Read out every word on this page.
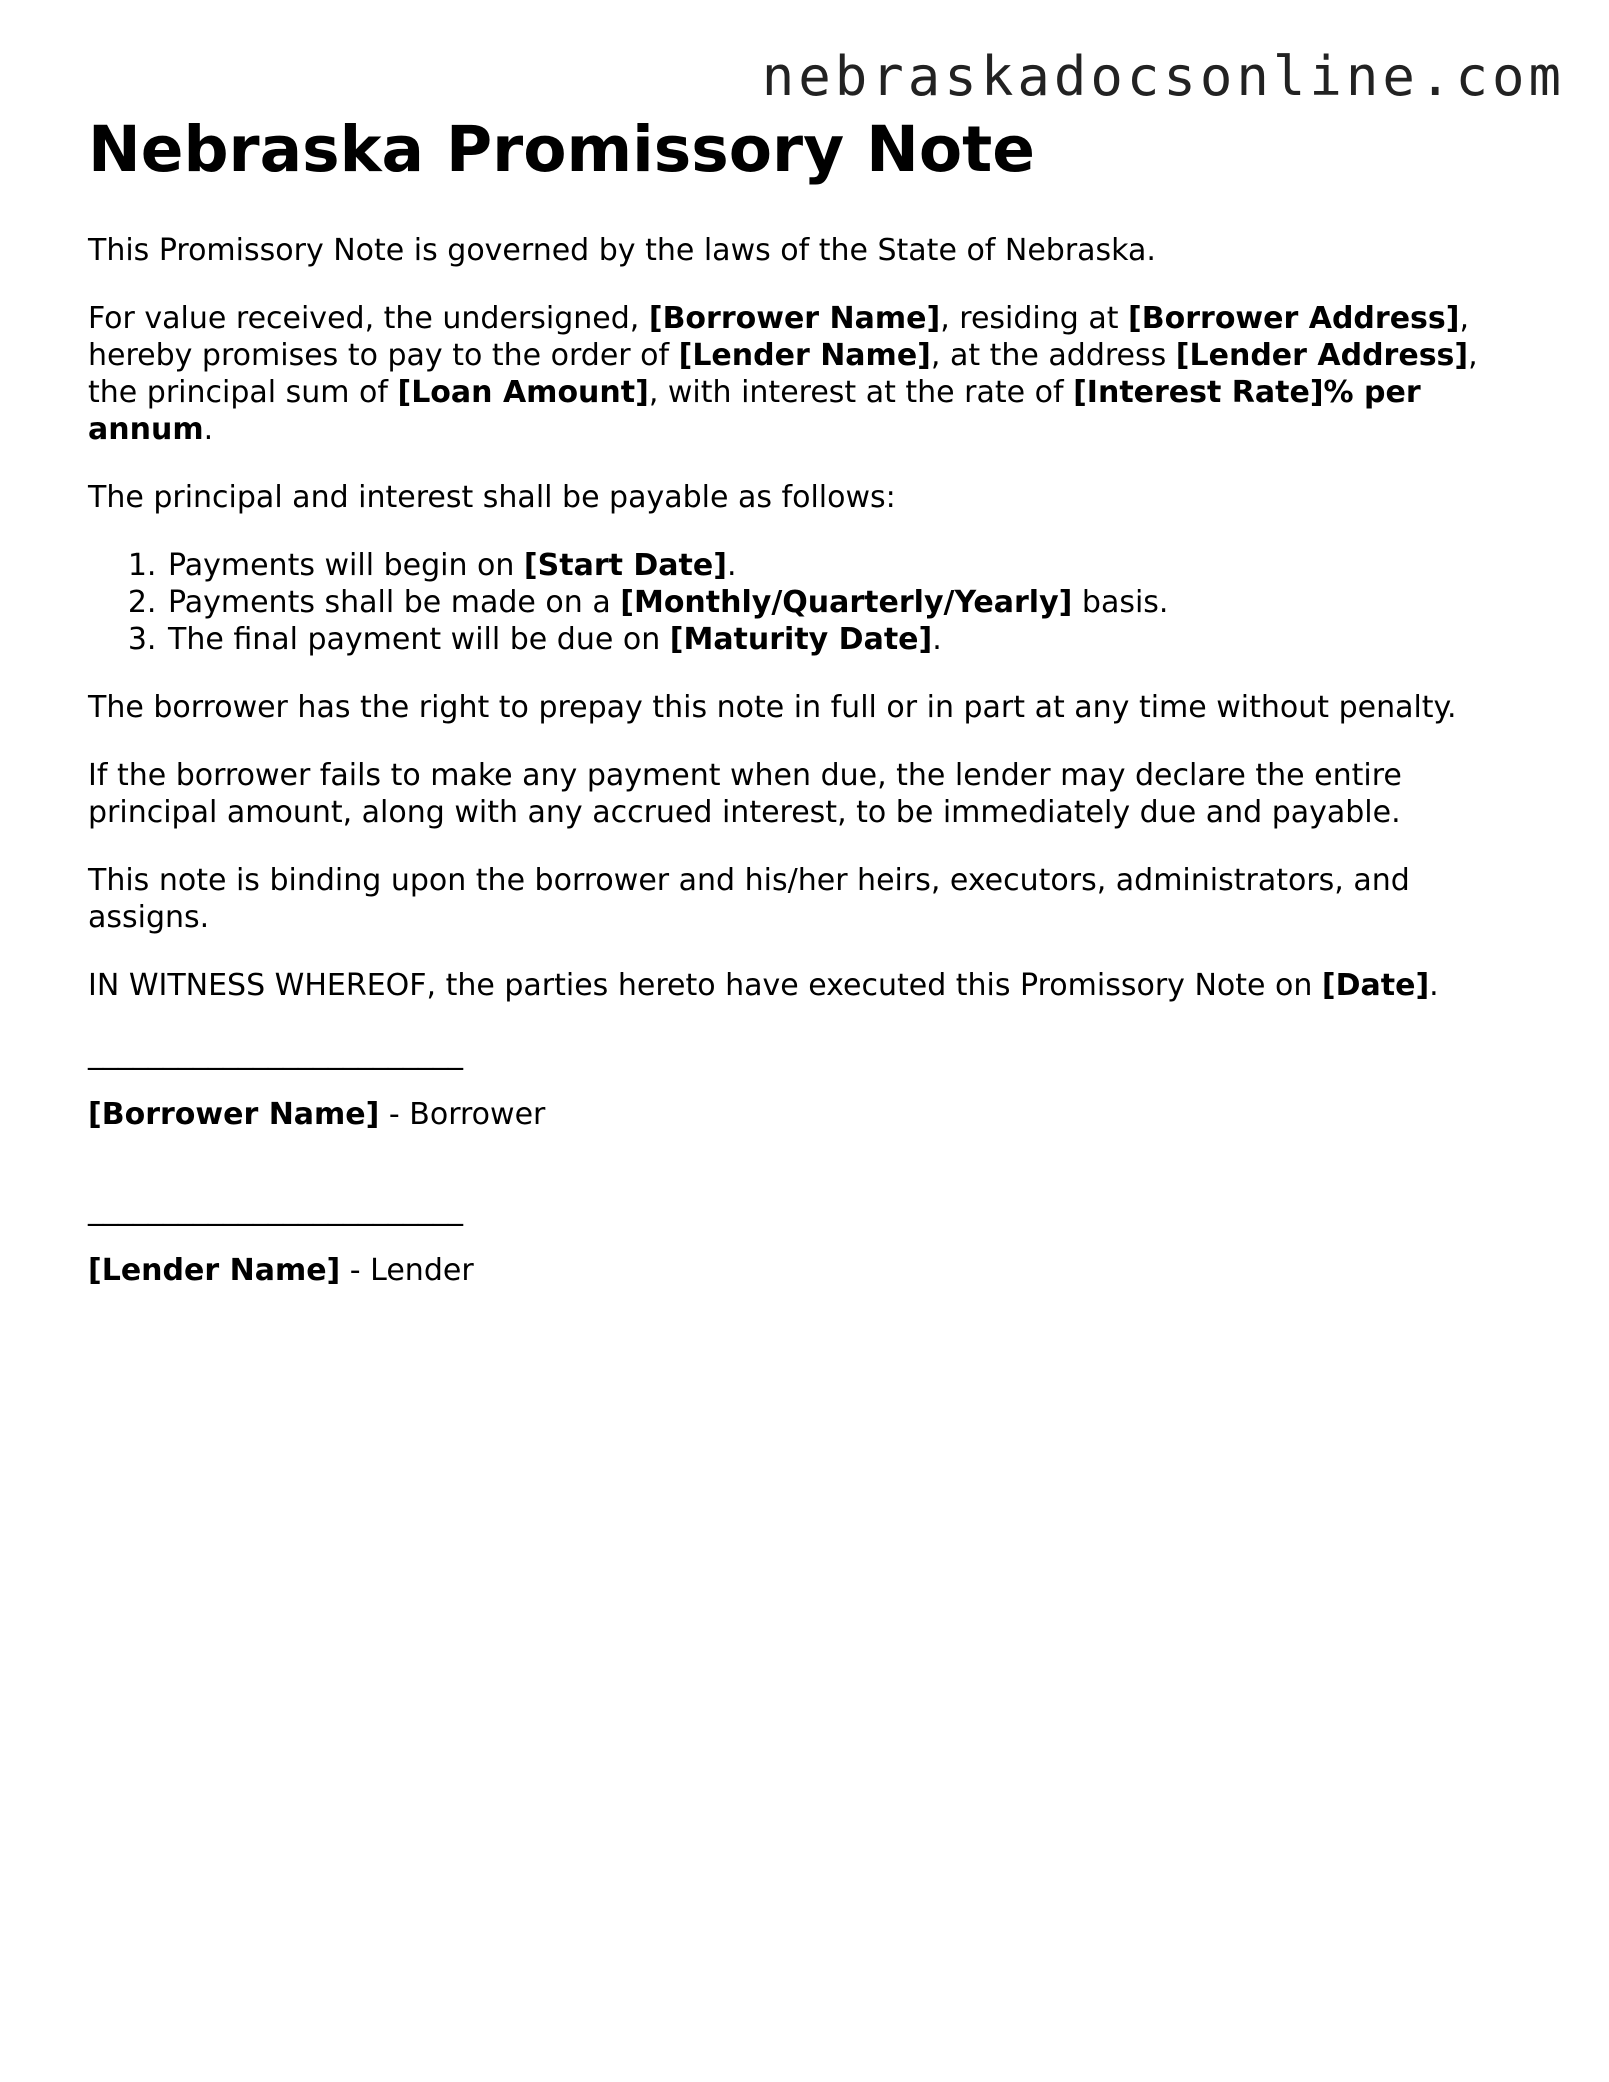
nebraskadocsonline.com
Nebraska Promissory Note

This Promissory Note is governed by the laws of the State of Nebraska.

For value received, the undersigned, [Borrower Name], residing at [Borrower Address], hereby promises to pay to the order of [Lender Name], at the address [Lender Address], the principal sum of [Loan Amount], with interest at the rate of [Interest Rate]% per annum.

The principal and interest shall be payable as follows:

1. Payments will begin on [Start Date].
2. Payments shall be made on a [Monthly/Quarterly/Yearly] basis.
3. The final payment will be due on [Maturity Date].

The borrower has the right to prepay this note in full or in part at any time without penalty.

If the borrower fails to make any payment when due, the lender may declare the entire principal amount, along with any accrued interest, to be immediately due and payable.

This note is binding upon the borrower and his/her heirs, executors, administrators, and assigns.

IN WITNESS WHEREOF, the parties hereto have executed this Promissory Note on [Date].

_________________________
[Borrower Name] - Borrower
_________________________
[Lender Name] - Lender
